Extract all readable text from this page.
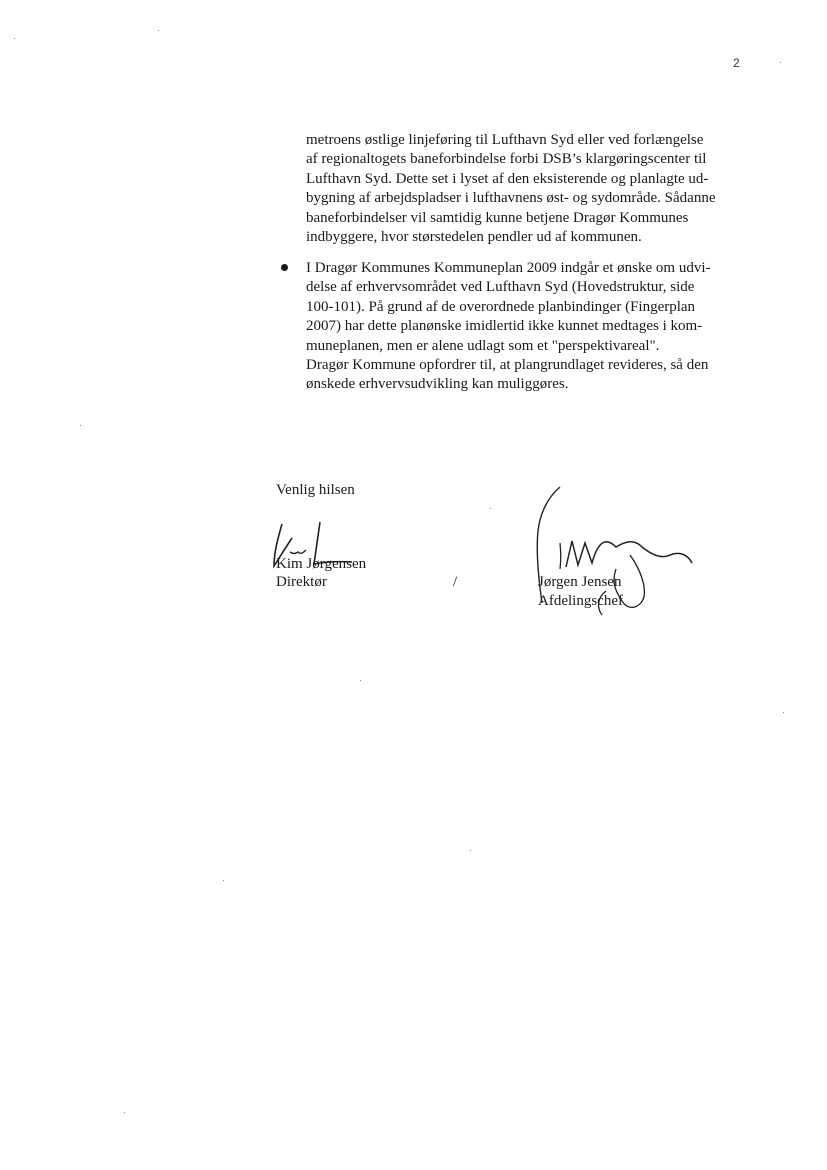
2
metroens østlige linjeføring til Lufthavn Syd eller ved forlængelse
af regionaltogets baneforbindelse forbi DSB’s klargøringscenter til
Lufthavn Syd. Dette set i lyset af den eksisterende og planlagte ud-
bygning af arbejdspladser i lufthavnens øst- og sydområde. Sådanne
baneforbindelser vil samtidig kunne betjene Dragør Kommunes
indbyggere, hvor størstedelen pendler ud af kommunen.
I Dragør Kommunes Kommuneplan 2009 indgår et ønske om udvi-
delse af erhvervsområdet ved Lufthavn Syd (Hovedstruktur, side
100-101). På grund af de overordnede planbindinger (Fingerplan
2007) har dette planønske imidlertid ikke kunnet medtages i kom-
muneplanen, men er alene udlagt som et "perspektivareal".
Dragør Kommune opfordrer til, at plangrundlaget revideres, så den
ønskede erhvervsudvikling kan muliggøres.
Venlig hilsen
Kim Jørgensen
Direktør	/	Jørgen Jensen
Afdelingschef
